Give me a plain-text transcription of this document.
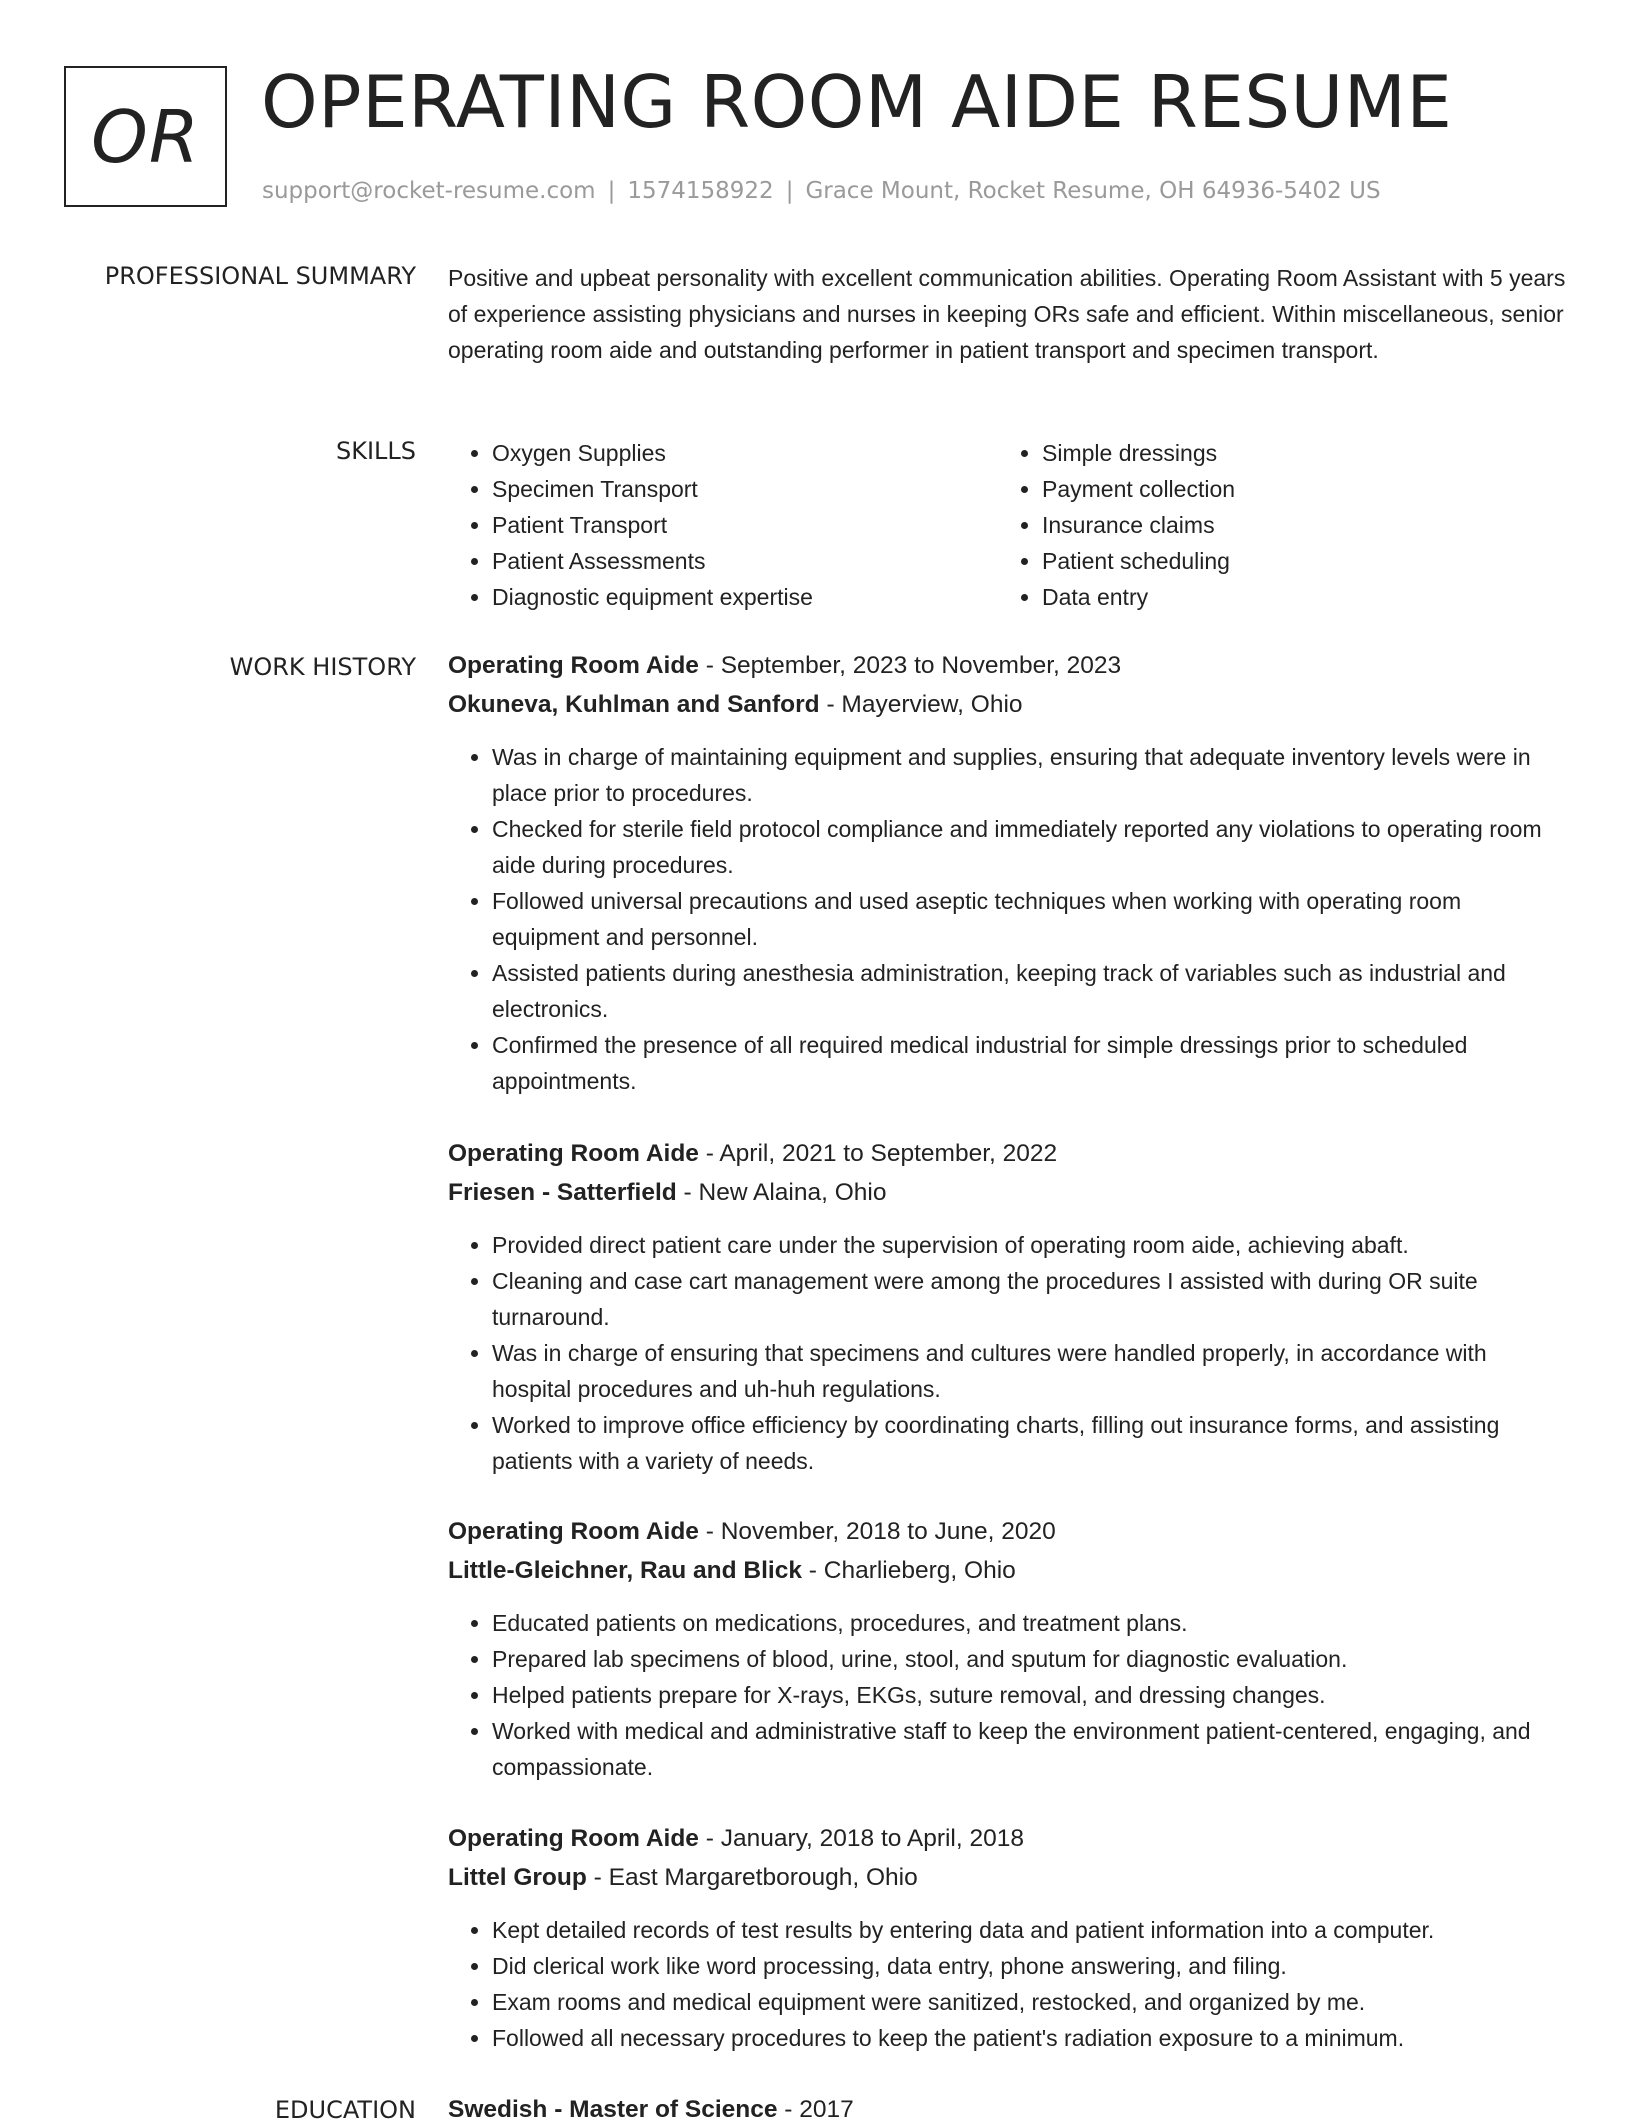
OR OPERATING ROOM AIDE RESUME
support@rocket-resume.com | 1574158922 | Grace Mount, Rocket Resume, OH 64936-5402 US
PROFESSIONAL SUMMARY Positive and upbeat personality with excellent communication abilities. Operating Room Assistant with 5 years of experience assisting physicians and nurses in keeping ORs safe and efficient. Within miscellaneous, senior operating room aide and outstanding performer in patient transport and specimen transport.

SKILLS
•	Oxygen Supplies
• Specimen Transport
• Patient Transport
• Patient Assessments
• Diagnostic equipment expertise
• Simple dressings
• Payment collection
• Insurance claims
• Patient scheduling
• Data entry
WORK HISTORY Operating Room Aide - September, 2023 to November, 2023

Okuneva, Kuhlman and Sanford - Mayerview, Ohio

• Was in charge of maintaining equipment and supplies, ensuring that adequate inventory levels were in place prior to procedures.
• Checked for sterile field protocol compliance and immediately reported any violations to operating room aide during procedures.
• Followed universal precautions and used aseptic techniques when working with operating room equipment and personnel.
• Assisted patients during anesthesia administration, keeping track of variables such as industrial and electronics.
• Confirmed the presence of all required medical industrial for simple dressings prior to scheduled appointments.

Operating Room Aide - April, 2021 to September, 2022

Friesen - Satterfield - New Alaina, Ohio

• Provided direct patient care under the supervision of operating room aide, achieving abaft.
• Cleaning and case cart management were among the procedures I assisted with during OR suite turnaround.
• Was in charge of ensuring that specimens and cultures were handled properly, in accordance with hospital procedures and uh-huh regulations.
• Worked to improve office efficiency by coordinating charts, filling out insurance forms, and assisting patients with a variety of needs.

Operating Room Aide - November, 2018 to June, 2020

Little-Gleichner, Rau and Blick - Charlieberg, Ohio

• Educated patients on medications, procedures, and treatment plans.
• Prepared lab specimens of blood, urine, stool, and sputum for diagnostic evaluation.
• Helped patients prepare for X-rays, EKGs, suture removal, and dressing changes.
• Worked with medical and administrative staff to keep the environment patient-centered, engaging, and compassionate.

Operating Room Aide - January, 2018 to April, 2018

Littel Group - East Margaretborough, Ohio

• Kept detailed records of test results by entering data and patient information into a computer.
• Did clerical work like word processing, data entry, phone answering, and filing.
• Exam rooms and medical equipment were sanitized, restocked, and organized by me.
• Followed all necessary procedures to keep the patient's radiation exposure to a minimum.
EDUCATION Swedish - Master of Science - 2017
